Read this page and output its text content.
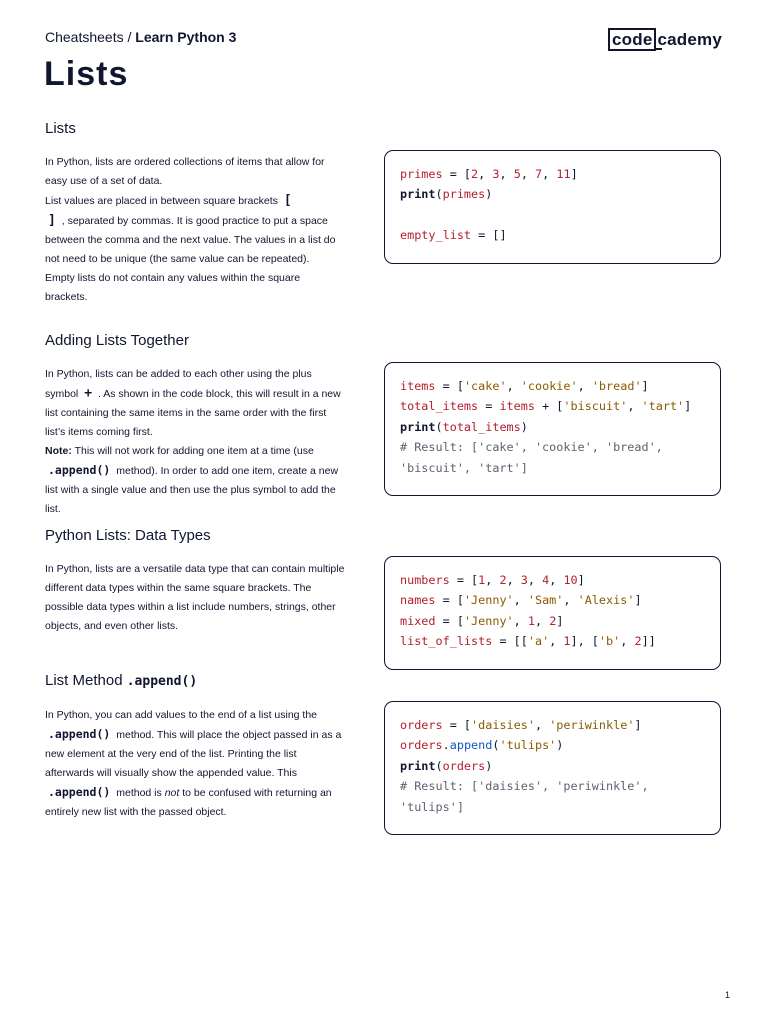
Cheatsheets / Learn Python 3	code cademy
Lists
Lists

In Python, lists are ordered collections of items that allow for easy use of a set of data.

List values are placed in between square brackets [
] , separated by commas. It is good practice to put a space between the comma and the next value. The values in a list do not need to be unique (the same value can be repeated).

Empty lists do not contain any values within the square brackets.

primes = [2, 3, 5, 7, 11]
print(primes)

empty_list = []
Adding Lists Together

In Python, lists can be added to each other using the plus symbol + . As shown in the code block, this will result in a new list containing the same items in the same order with the first list’s items coming first.
Note: This will not work for adding one item at a time (use .append() method). In order to add one item, create a new list with a single value and then use the plus symbol to add the list.

items = ['cake', 'cookie', 'bread']
total_items = items + ['biscuit', 'tart']
print(total_items)
# Result: ['cake', 'cookie', 'bread',
'biscuit', 'tart']
Python Lists: Data Types

In Python, lists are a versatile data type that can contain multiple different data types within the same square brackets. The possible data types within a list include numbers, strings, other objects, and even other lists.

numbers = [1, 2, 3, 4, 10]
names = ['Jenny', 'Sam', 'Alexis']
mixed = ['Jenny', 1, 2]
list_of_lists = [['a', 1], ['b', 2]]
List Method .append()

In Python, you can add values to the end of a list using the .append() method. This will place the object passed in as a new element at the very end of the list. Printing the list afterwards will visually show the appended value. This .append() method is not to be confused with returning an entirely new list with the passed object.

orders = ['daisies', 'periwinkle']
orders.append('tulips')
print(orders)
# Result: ['daisies', 'periwinkle',
'tulips']
1
